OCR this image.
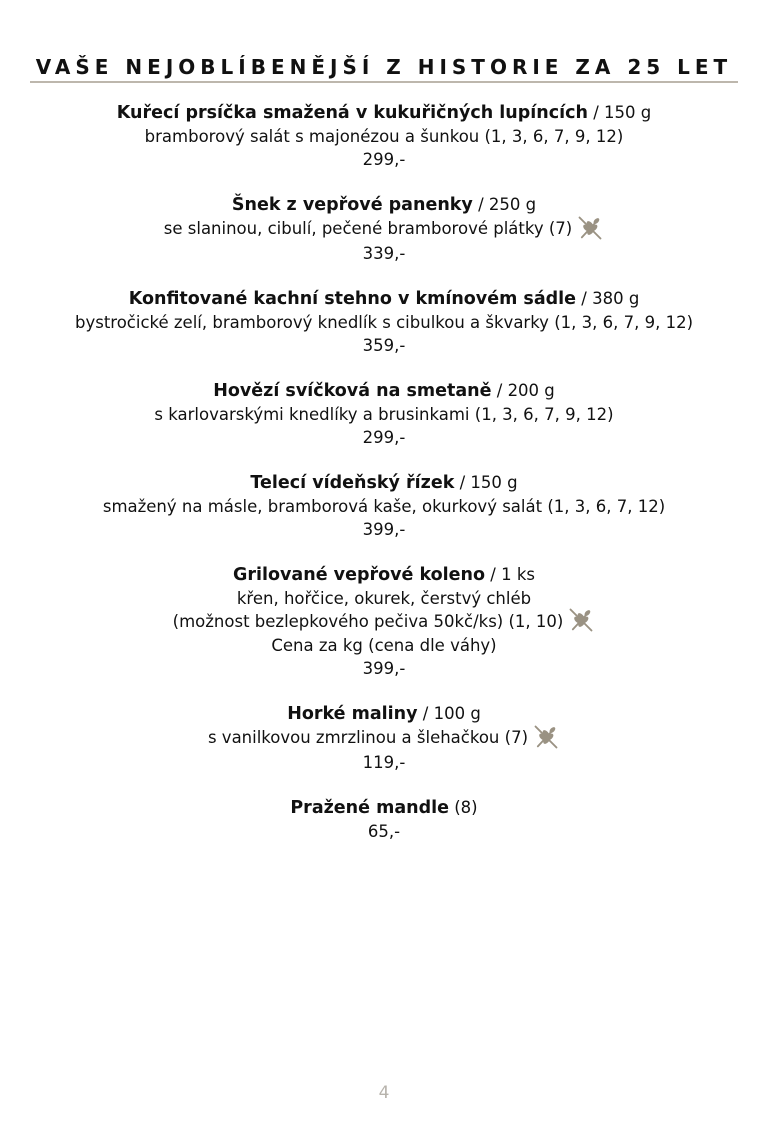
VAŠE NEJOBLÍBENĚJŠÍ Z HISTORIE ZA 25 LET
Kuřecí prsíčka smažená v kukuřičných lupíncích / 150 g
bramborový salát s majonézou a šunkou (1, 3, 6, 7, 9, 12)
299,-
Šnek z vepřové panenky / 250 g
se slaninou, cibulí, pečené bramborové plátky (7)
339,-
Konfitované kachní stehno v kmínovém sádle / 380 g
bystročické zelí, bramborový knedlík s cibulkou a škvarky (1, 3, 6, 7, 9, 12)
359,-
Hovězí svíčková na smetaně / 200 g
s karlovarskými knedlíky a brusinkami (1, 3, 6, 7, 9, 12)
299,-
Telecí vídeňský řízek / 150 g
smažený na másle, bramborová kaše, okurkový salát (1, 3, 6, 7, 12)
399,-
Grilované vepřové koleno / 1 ks
křen, hořčice, okurek, čerstvý chléb
(možnost bezlepkového pečiva 50kč/ks) (1, 10)
Cena za kg (cena dle váhy)
399,-
Horké maliny / 100 g
s vanilkovou zmrzlinou a šlehačkou (7)
119,-
Pražené mandle (8)
65,-
4
